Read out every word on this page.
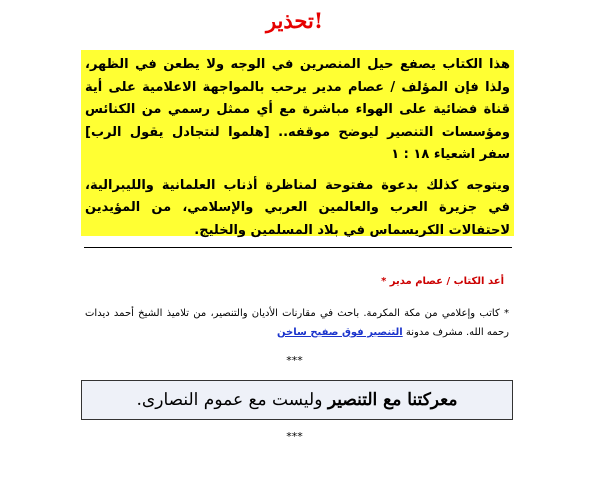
تحذير!

هذا الكتاب يصفع حيل المنصرين في الوجه ولا يطعن في الظهر، ولذا فإن المؤلف / عصام مدير يرحب بالمواجهة الاعلامية على أية قناة فضائية على الهواء مباشرة مع أي ممثل رسمي من الكنائس ومؤسسات التنصير ليوضح موقفه.. [هلموا لنتجادل يقول الرب] سفر اشعياء ١٨ : ١

ويتوجه كذلك بدعوة مفتوحة لمناظرة أذناب العلمانية والليبرالية، في جزيرة العرب والعالمين العربي والإسلامي، من المؤيدين لاحتفالات الكريسماس في بلاد المسلمين والخليج.

أعد الكتاب / عصام مدير *
* كاتب وإعلامي من مكة المكرمة. باحث في مقارنات الأديان والتنصير، من تلاميذ الشيخ أحمد ديدات رحمه الله. مشرف مدونة التنصير فوق صفيح ساخن
***
معركتنا مع التنصير وليست مع عموم النصارى.
***
